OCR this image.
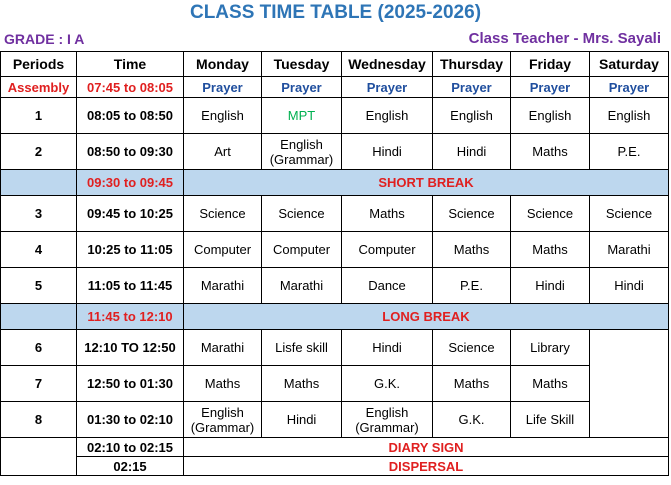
CLASS TIME TABLE (2025-2026)
GRADE : I A	Class Teacher - Mrs. Sayali
Periods	Time	Monday	Tuesday	Wednesday	Thursday	Friday	Saturday
Assembly	07:45 to 08:05	Prayer	Prayer	Prayer	Prayer	Prayer	Prayer
1	08:05 to 08:50	English	MPT	English	English	English	English
2	08:50 to 09:30	Art	English (Grammar)	Hindi	Hindi	Maths	P.E.
	09:30 to 09:45	SHORT BREAK					
3	09:45 to 10:25	Science	Science	Maths	Science	Science	Science
4	10:25 to 11:05	Computer	Computer	Computer	Maths	Maths	Marathi
5	11:05 to 11:45	Marathi	Marathi	Dance	P.E.	Hindi	Hindi
	11:45 to 12:10	LONG BREAK					
6	12:10 TO 12:50	Marathi	Lisfe skill	Hindi	Science	Library	
7	12:50 to 01:30	Maths	Maths	G.K.	Maths	Maths	
8	01:30 to 02:10	English (Grammar)	Hindi	English (Grammar)	G.K.	Life Skill	
	02:10 to 02:15	DIARY SIGN					
	02:15	DISPERSAL					
